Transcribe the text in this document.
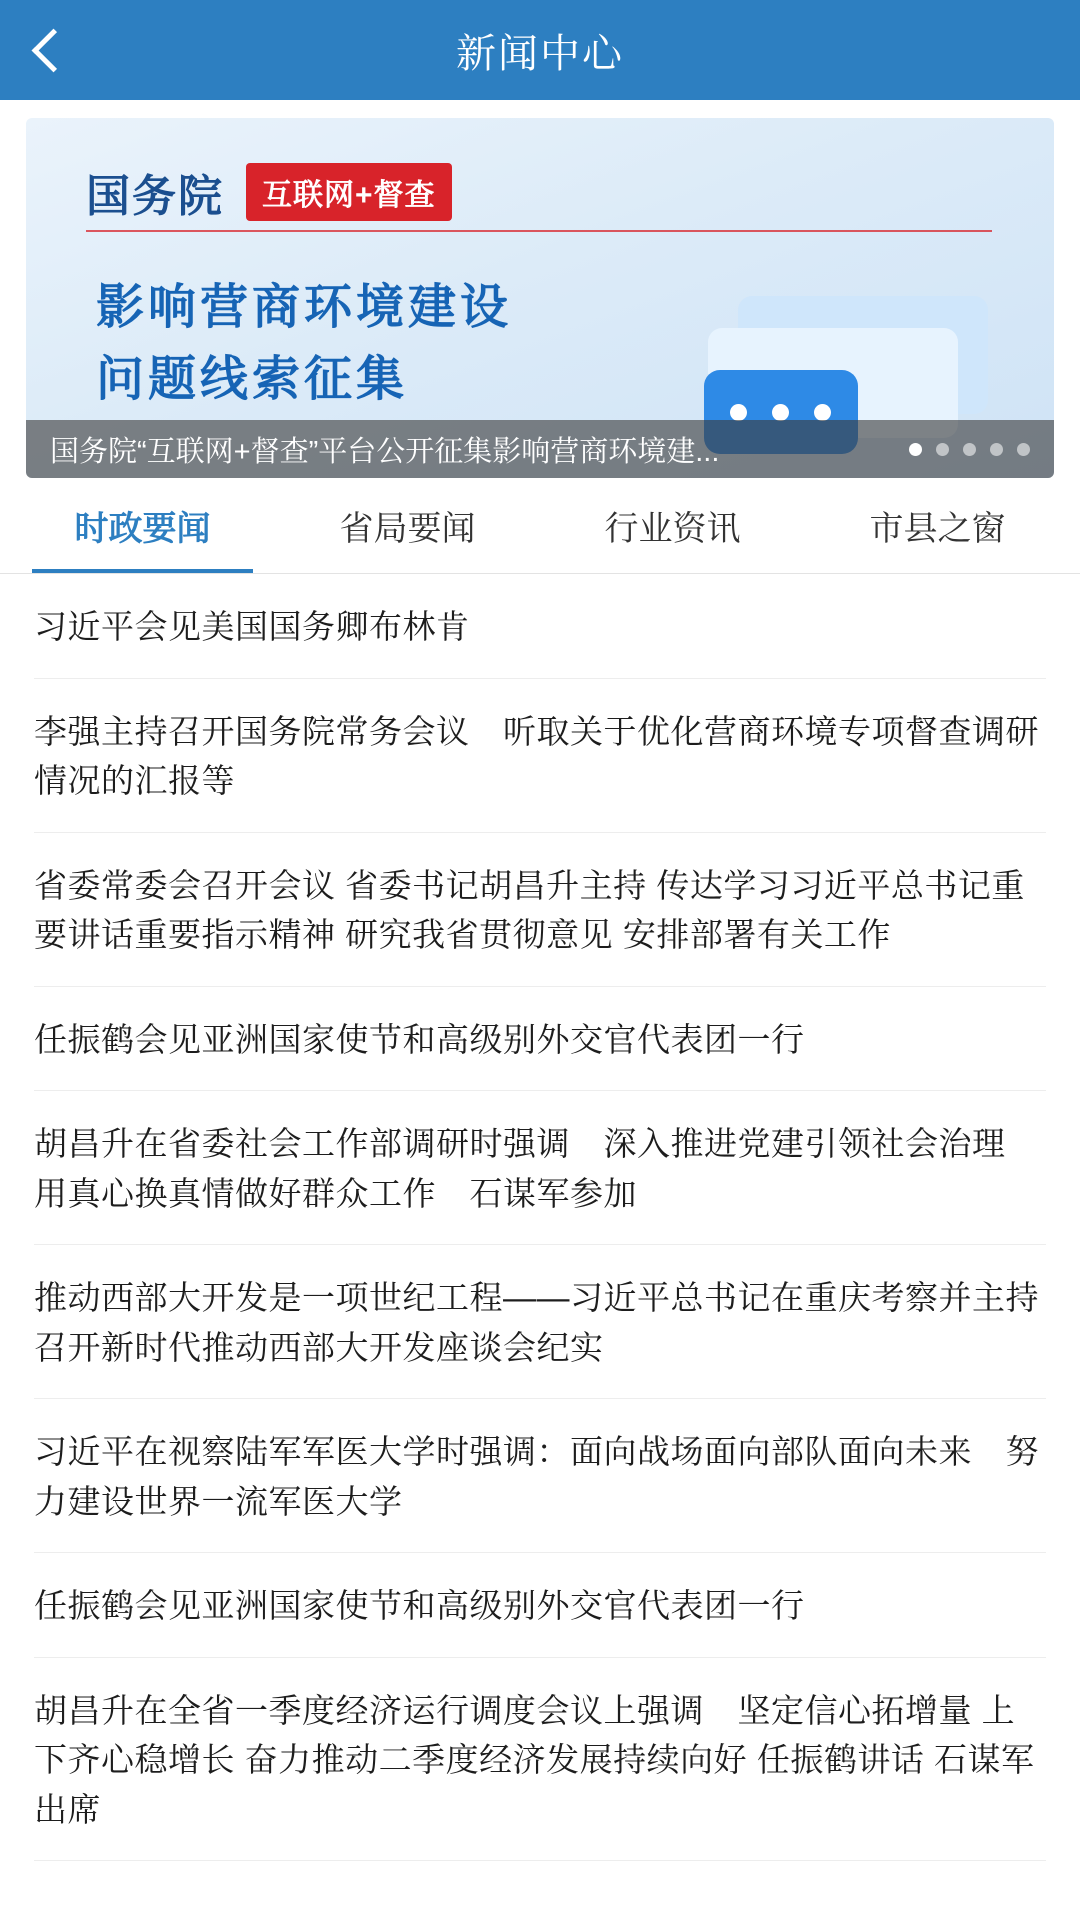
新闻中心
国务院	互联网+督查
影响营商环境建设
问题线索征集
国务院“互联网+督查”平台公开征集影响营商环境建...
时政要闻	省局要闻	行业资讯	市县之窗
习近平会见美国国务卿布林肯
李强主持召开国务院常务会议　听取关于优化营商环境专项督查调研情况的汇报等
省委常委会召开会议 省委书记胡昌升主持 传达学习习近平总书记重要讲话重要指示精神 研究我省贯彻意见 安排部署有关工作
任振鹤会见亚洲国家使节和高级别外交官代表团一行
胡昌升在省委社会工作部调研时强调　深入推进党建引领社会治理 用真心换真情做好群众工作　石谋军参加
推动西部大开发是一项世纪工程——习近平总书记在重庆考察并主持召开新时代推动西部大开发座谈会纪实
习近平在视察陆军军医大学时强调：面向战场面向部队面向未来　努力建设世界一流军医大学
任振鹤会见亚洲国家使节和高级别外交官代表团一行
胡昌升在全省一季度经济运行调度会议上强调　坚定信心拓增量 上下齐心稳增长 奋力推动二季度经济发展持续向好 任振鹤讲话 石谋军出席
